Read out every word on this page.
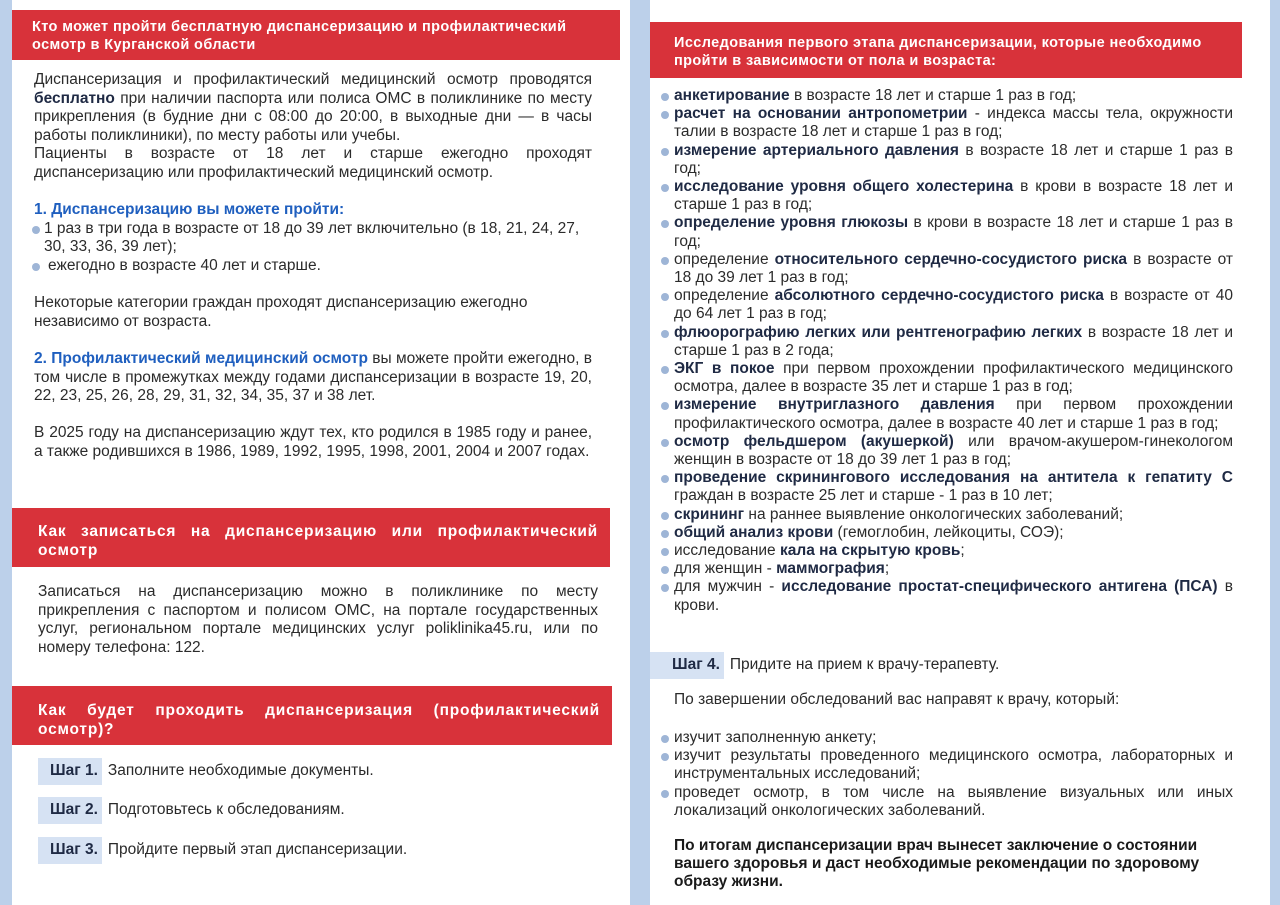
Кто может пройти бесплатную диспансеризацию и профилактический
осмотр в Курганской области

Диспансеризация и профилактический медицинский осмотр проводятся бесплатно при наличии паспорта или полиса ОМС в поликлинике по месту прикрепления (в будние дни с 08:00 до 20:00, в выходные дни — в часы работы поликлиники), по месту работы или учебы.

Пациенты в возрасте от 18 лет и старше ежегодно проходят диспансеризацию или профилактический медицинский осмотр.

1. Диспансеризацию вы можете пройти:

1 раз в три года в возрасте от 18 до 39 лет включительно (в 18, 21, 24, 27, 30, 33, 36, 39 лет);
ежегодно в возрасте 40 лет и старше.

Некоторые категории граждан проходят диспансеризацию ежегодно независимо от возраста.

2. Профилактический медицинский осмотр вы можете пройти ежегодно, в том числе в промежутках между годами диспансеризации в возрасте 19, 20, 22, 23, 25, 26, 28, 29, 31, 32, 34, 35, 37 и 38 лет.

В 2025 году на диспансеризацию ждут тех, кто родился в 1985 году и ранее, а также родившихся в 1986, 1989, 1992, 1995, 1998, 2001, 2004 и 2007 годах.

Как записаться на диспансеризацию или профилактический
осмотр
Записаться на диспансеризацию можно в поликлинике по месту прикрепления с паспортом и полисом ОМС, на портале государственных услуг, региональном портале медицинских услуг poliklinika45.ru, или по номеру телефона: 122.
Как будет проходить диспансеризация (профилактический
осмотр)?
Шаг 1. Заполните необходимые документы.
Шаг 2. Подготовьтесь к обследованиям.
Шаг 3. Пройдите первый этап диспансеризации.
Исследования первого этапа диспансеризации, которые необходимо
пройти в зависимости от пола и возраста:
анкетирование в возрасте 18 лет и старше 1 раз в год;
расчет на основании антропометрии - индекса массы тела, окружности талии в возрасте 18 лет и старше 1 раз в год;
измерение артериального давления в возрасте 18 лет и старше 1 раз в год;
исследование уровня общего холестерина в крови в возрасте 18 лет и старше 1 раз в год;
определение уровня глюкозы в крови в возрасте 18 лет и старше 1 раз в год;
определение относительного сердечно-сосудистого риска в возрасте от 18 до 39 лет 1 раз в год;
определение абсолютного сердечно-сосудистого риска в возрасте от 40 до 64 лет 1 раз в год;
флюорографию легких или рентгенографию легких в возрасте 18 лет и старше 1 раз в 2 года;
ЭКГ в покое при первом прохождении профилактического медицинского осмотра, далее в возрасте 35 лет и старше 1 раз в год;
измерение внутриглазного давления при первом прохождении профилактического осмотра, далее в возрасте 40 лет и старше 1 раз в год;
осмотр фельдшером (акушеркой) или врачом-акушером-гинекологом женщин в возрасте от 18 до 39 лет 1 раз в год;
проведение скринингового исследования на антитела к гепатиту С граждан в возрасте 25 лет и старше - 1 раз в 10 лет;
скрининг на раннее выявление онкологических заболеваний;
общий анализ крови (гемоглобин, лейкоциты, СОЭ);
исследование кала на скрытую кровь;
для женщин - маммография;
для мужчин - исследование простат-специфического антигена (ПСА) в крови.
Шаг 4. Придите на прием к врачу-терапевту.

По завершении обследований вас направят к врачу, который:

изучит заполненную анкету;
изучит результаты проведенного медицинского осмотра, лабораторных и инструментальных исследований;
проведет осмотр, в том числе на выявление визуальных или иных локализаций онкологических заболеваний.

По итогам диспансеризации врач вынесет заключение о состоянии вашего здоровья и даст необходимые рекомендации по здоровому образу жизни.
